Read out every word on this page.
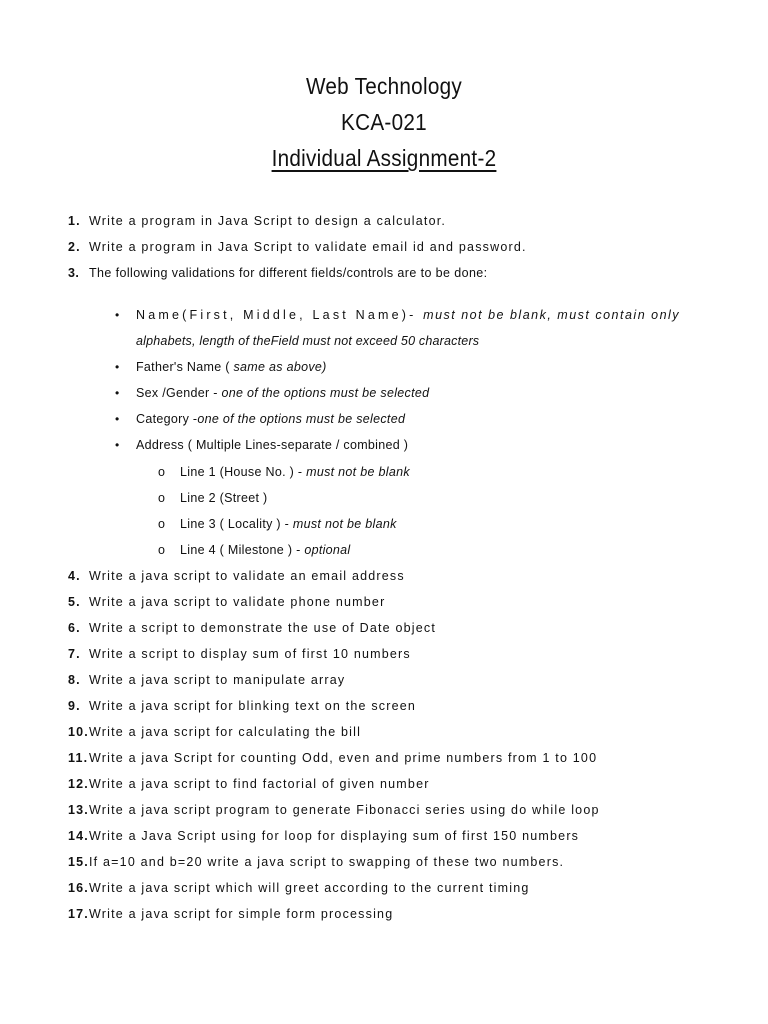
Web Technology

KCA-021

Individual Assignment-2

1. Write a program in Java Script to design a calculator.
2. Write a program in Java Script to validate email id and password.
3. The following validations for different fields/controls are to be done:
• Name(First, Middle, Last Name)- must not be blank, must contain only
alphabets, length of theField must not exceed 50 characters
• Father's Name ( same as above)
• Sex /Gender - one of the options must be selected
• Category -one of the options must be selected
• Address ( Multiple Lines-separate / combined )
o Line 1 (House No. ) - must not be blank
o Line 2 (Street )
o Line 3 ( Locality ) - must not be blank
o Line 4 ( Milestone ) - optional
4. Write a java script to validate an email address
5. Write a java script to validate phone number
6. Write a script to demonstrate the use of Date object
7. Write a script to display sum of first 10 numbers
8. Write a java script to manipulate array
9. Write a java script for blinking text on the screen
10.Write a java script for calculating the bill
11.Write a java Script for counting Odd, even and prime numbers from 1 to 100
12.Write a java script to find factorial of given number
13.Write a java script program to generate Fibonacci series using do while loop
14.Write a Java Script using for loop for displaying sum of first 150 numbers
15.If a=10 and b=20 write a java script to swapping of these two numbers.
16.Write a java script which will greet according to the current timing
17.Write a java script for simple form processing
